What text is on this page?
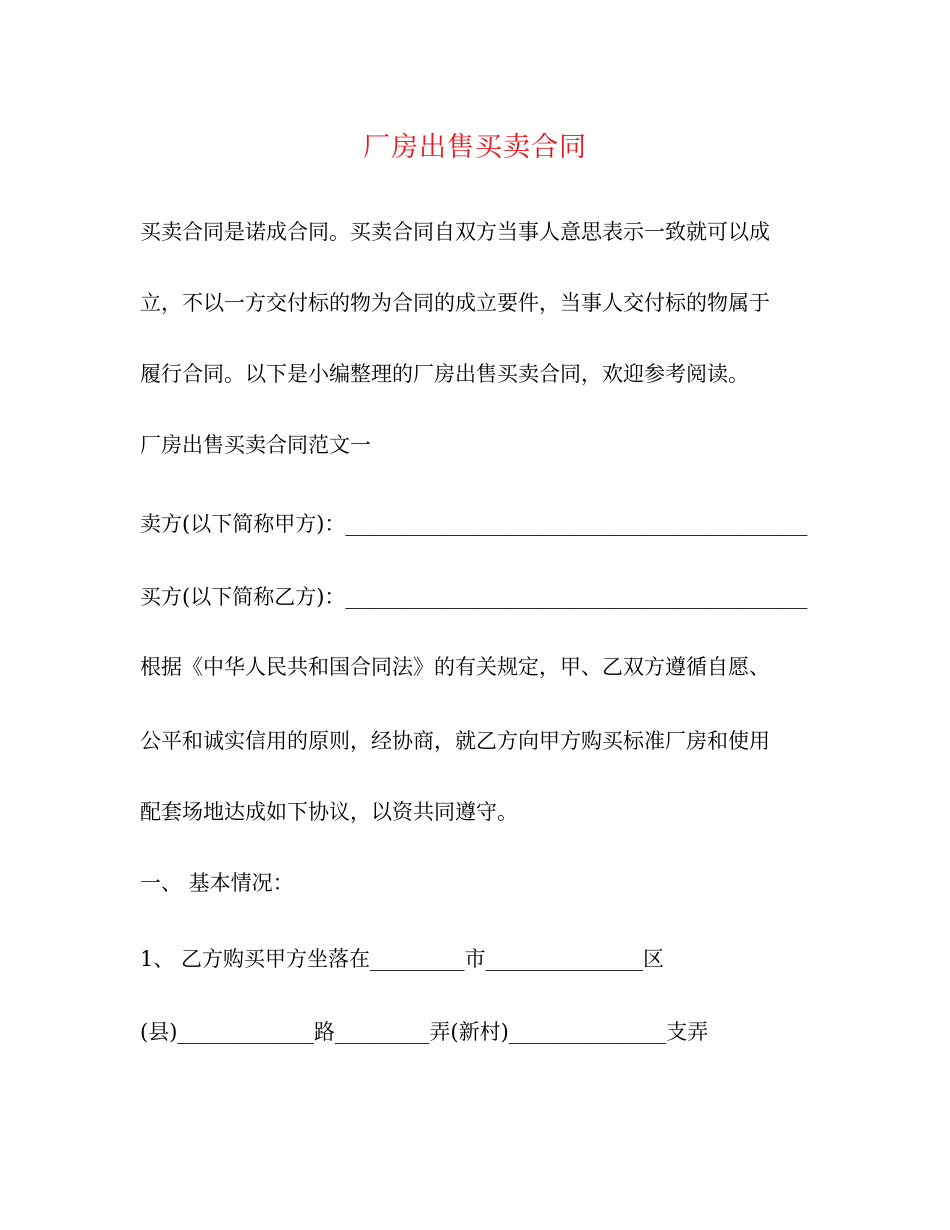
厂房出售买卖合同
买卖合同是诺成合同。买卖合同自双方当事人意思表示一致就可以成
立，不以一方交付标的物为合同的成立要件，当事人交付标的物属于
履行合同。以下是小编整理的厂房出售买卖合同，欢迎参考阅读。
厂房出售买卖合同范文一
卖方(以下简称甲方)：____________________________________________
买方(以下简称乙方)：____________________________________________
根据《中华人民共和国合同法》的有关规定，甲、乙双方遵循自愿、
公平和诚实信用的原则，经协商，就乙方向甲方购买标准厂房和使用
配套场地达成如下协议，以资共同遵守。
一、 基本情况：
1、 乙方购买甲方坐落在_________市_______________区
(县)_____________路_________弄(新村)_______________支弄
